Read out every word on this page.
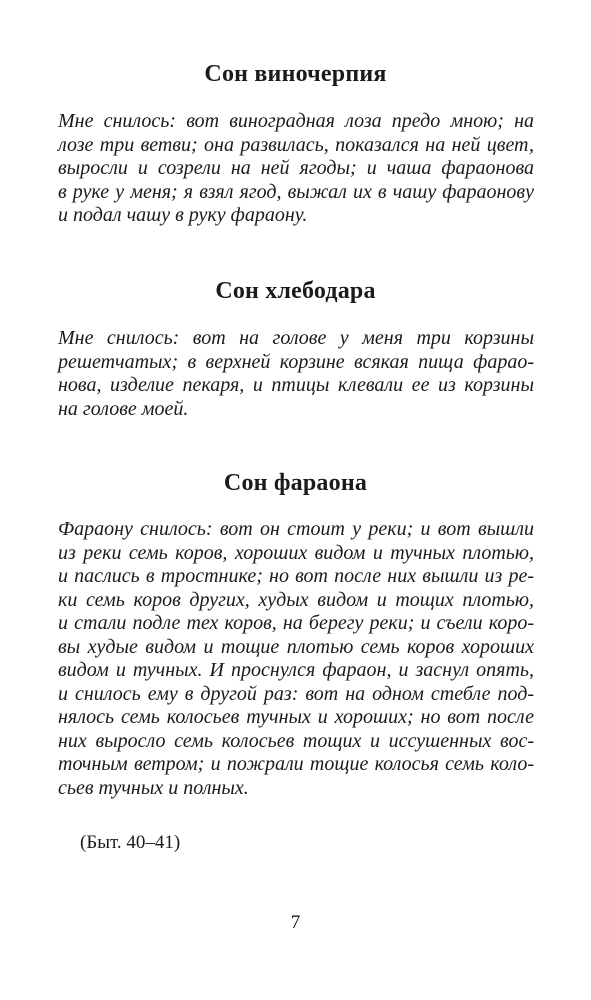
Сон виночерпия
Мне снилось: вот виноградная лоза предо мною; на
лозе три ветви; она развилась, показался на ней цвет,
выросли и созрели на ней ягоды; и чаша фараонова
в руке у меня; я взял ягод, выжал их в чашу фараонову
и подал чашу в руку фараону.
Сон хлебодара
Мне снилось: вот на голове у меня три корзины
решетчатых; в верхней корзине всякая пища фарао-
нова, изделие пекаря, и птицы клевали ее из корзины
на голове моей.
Сон фараона
Фараону снилось: вот он стоит у реки; и вот вышли
из реки семь коров, хороших видом и тучных плотью,
и паслись в тростнике; но вот после них вышли из ре-
ки семь коров других, худых видом и тощих плотью,
и стали подле тех коров, на берегу реки; и съели коро-
вы худые видом и тощие плотью семь коров хороших
видом и тучных. И проснулся фараон, и заснул опять,
и снилось ему в другой раз: вот на одном стебле под-
нялось семь колосьев тучных и хороших; но вот после
них выросло семь колосьев тощих и иссушенных вос-
точным ветром; и пожрали тощие колосья семь коло-
сьев тучных и полных.
(Быт. 40–41)
7
